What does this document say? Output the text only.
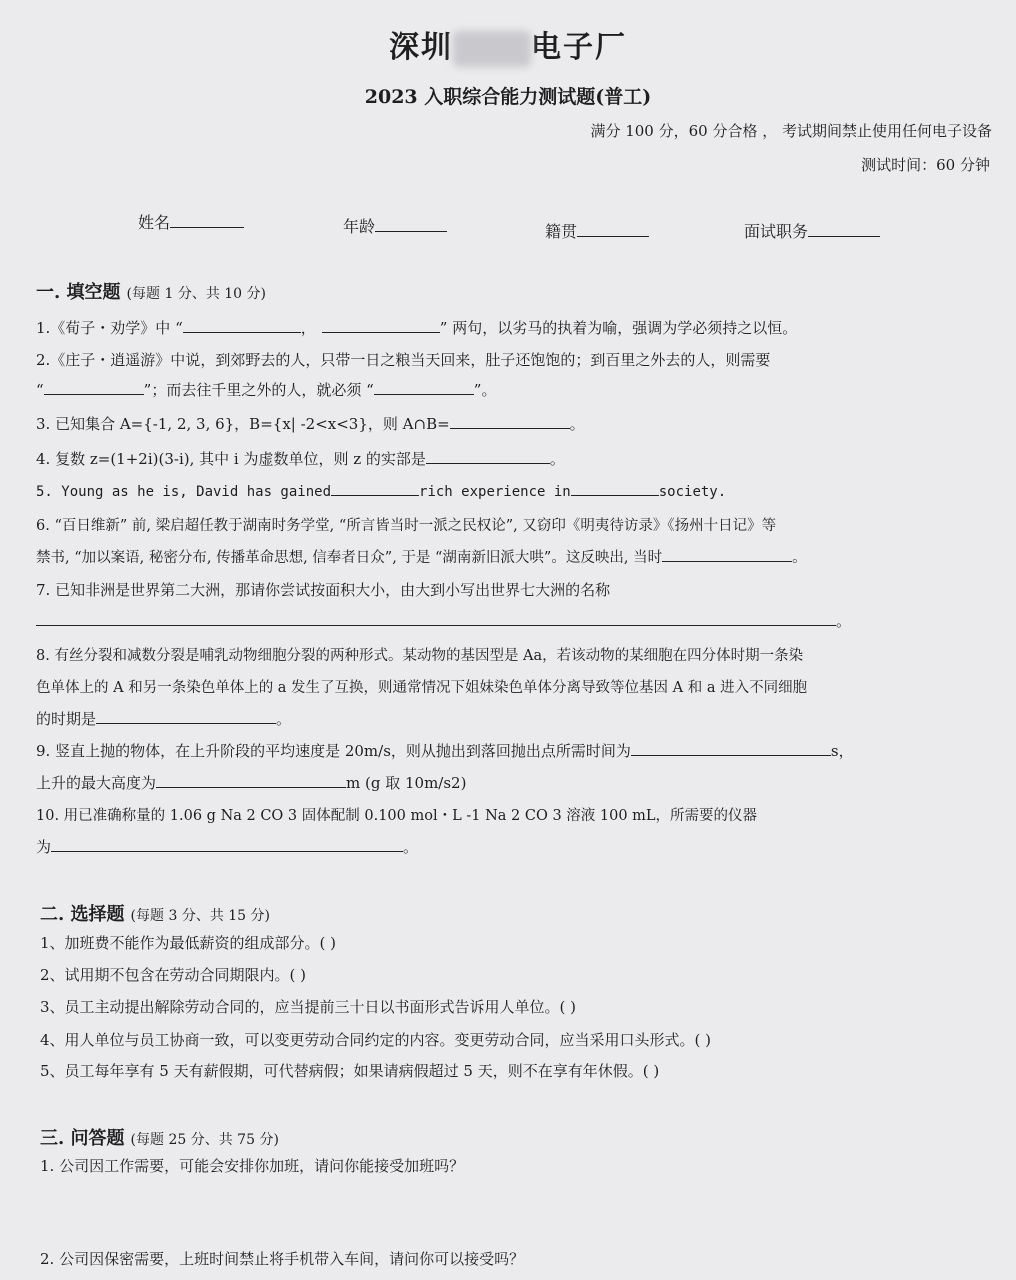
深圳	电子厂
2023 入职综合能力测试题(普工)
满分 100 分，60 分合格 ， 考试期间禁止使用任何电子设备
测试时间：60 分钟
姓名	年龄	籍贯	面试职务
一. 填空题 (每题 1 分、共 10 分)
1.《荀子・劝学》中 “	，	” 两句，以劣马的执着为喻，强调为学必须持之以恒。
2.《庄子・逍遥游》中说，到郊野去的人，只带一日之粮当天回来，肚子还饱饱的；到百里之外去的人，则需要
“	”；而去往千里之外的人，就必须 “	”。
3. 已知集合 A={-1, 2, 3, 6}，B={x| -2<x<3}，则 A∩B=	。
4. 复数 z=(1+2i)(3-i), 其中 i 为虚数单位，则 z 的实部是	。
5. Young as he is, David has gained	rich experience in	society.
6. “百日维新” 前, 梁启超任教于湖南时务学堂, “所言皆当时一派之民权论”, 又窃印《明夷待访录》《扬州十日记》等
禁书, “加以案语, 秘密分布, 传播革命思想, 信奉者日众”, 于是 “湖南新旧派大哄”。这反映出, 当时	。
7. 已知非洲是世界第二大洲，那请你尝试按面积大小，由大到小写出世界七大洲的名称
。
8. 有丝分裂和减数分裂是哺乳动物细胞分裂的两种形式。某动物的基因型是 Aa，若该动物的某细胞在四分体时期一条染
色单体上的 A 和另一条染色单体上的 a 发生了互换，则通常情况下姐妹染色单体分离导致等位基因 A 和 a 进入不同细胞
的时期是	。
9. 竖直上抛的物体，在上升阶段的平均速度是 20m/s，则从抛出到落回抛出点所需时间为	s，
上升的最大高度为	m (g 取 10m/s2)
10. 用已准确称量的 1.06 g Na 2 CO 3 固体配制 0.100 mol・L -1 Na 2 CO 3 溶液 100 mL，所需要的仪器
为	。
二. 选择题 (每题 3 分、共 15 分)
1、加班费不能作为最低薪资的组成部分。( )
2、试用期不包含在劳动合同期限内。( )
3、员工主动提出解除劳动合同的，应当提前三十日以书面形式告诉用人单位。( )
4、用人单位与员工协商一致，可以变更劳动合同约定的内容。变更劳动合同，应当采用口头形式。( )
5、员工每年享有 5 天有薪假期，可代替病假；如果请病假超过 5 天，则不在享有年休假。( )
三. 问答题 (每题 25 分、共 75 分)
1. 公司因工作需要，可能会安排你加班，请问你能接受加班吗？
2. 公司因保密需要，上班时间禁止将手机带入车间，请问你可以接受吗？
